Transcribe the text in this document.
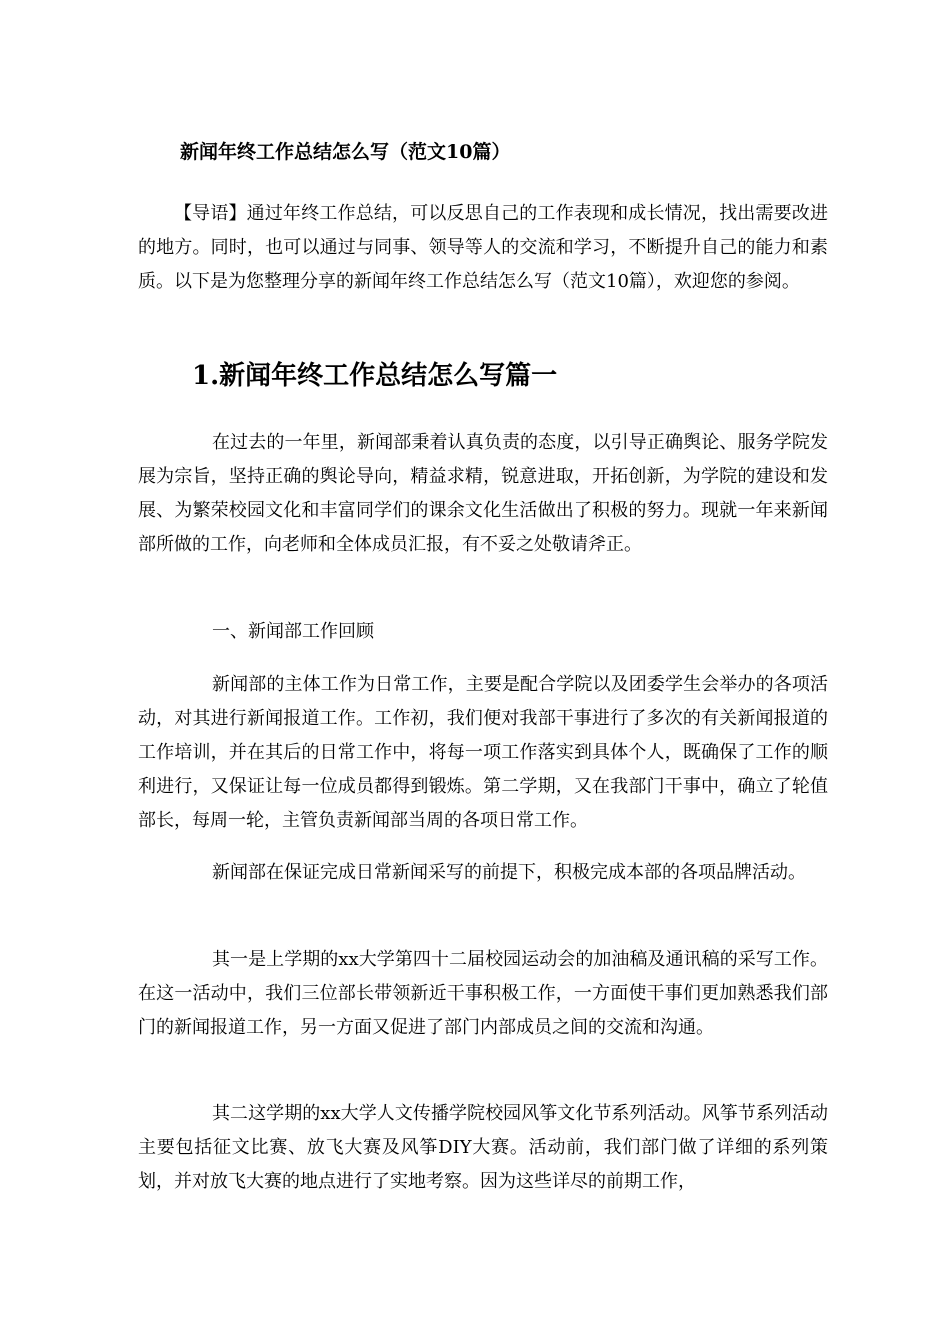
新闻年终工作总结怎么写（范文10篇）

【导语】通过年终工作总结，可以反思自己的工作表现和成长情况，找出需要改进的地方。同时，也可以通过与同事、领导等人的交流和学习，不断提升自己的能力和素质。以下是为您整理分享的新闻年终工作总结怎么写（范文10篇），欢迎您的参阅。

1.新闻年终工作总结怎么写篇一

在过去的一年里，新闻部秉着认真负责的态度，以引导正确舆论、服务学院发展为宗旨，坚持正确的舆论导向，精益求精，锐意进取，开拓创新，为学院的建设和发展、为繁荣校园文化和丰富同学们的课余文化生活做出了积极的努力。现就一年来新闻部所做的工作，向老师和全体成员汇报，有不妥之处敬请斧正。

一、新闻部工作回顾

新闻部的主体工作为日常工作，主要是配合学院以及团委学生会举办的各项活动，对其进行新闻报道工作。工作初，我们便对我部干事进行了多次的有关新闻报道的工作培训，并在其后的日常工作中，将每一项工作落实到具体个人，既确保了工作的顺利进行，又保证让每一位成员都得到锻炼。第二学期，又在我部门干事中，确立了轮值部长，每周一轮，主管负责新闻部当周的各项日常工作。

新闻部在保证完成日常新闻采写的前提下，积极完成本部的各项品牌活动。

其一是上学期的xx大学第四十二届校园运动会的加油稿及通讯稿的采写工作。在这一活动中，我们三位部长带领新近干事积极工作，一方面使干事们更加熟悉我们部门的新闻报道工作，另一方面又促进了部门内部成员之间的交流和沟通。

其二这学期的xx大学人文传播学院校园风筝文化节系列活动。风筝节系列活动主要包括征文比赛、放飞大赛及风筝DIY大赛。活动前，我们部门做了详细的系列策划，并对放飞大赛的地点进行了实地考察。因为这些详尽的前期工作，
